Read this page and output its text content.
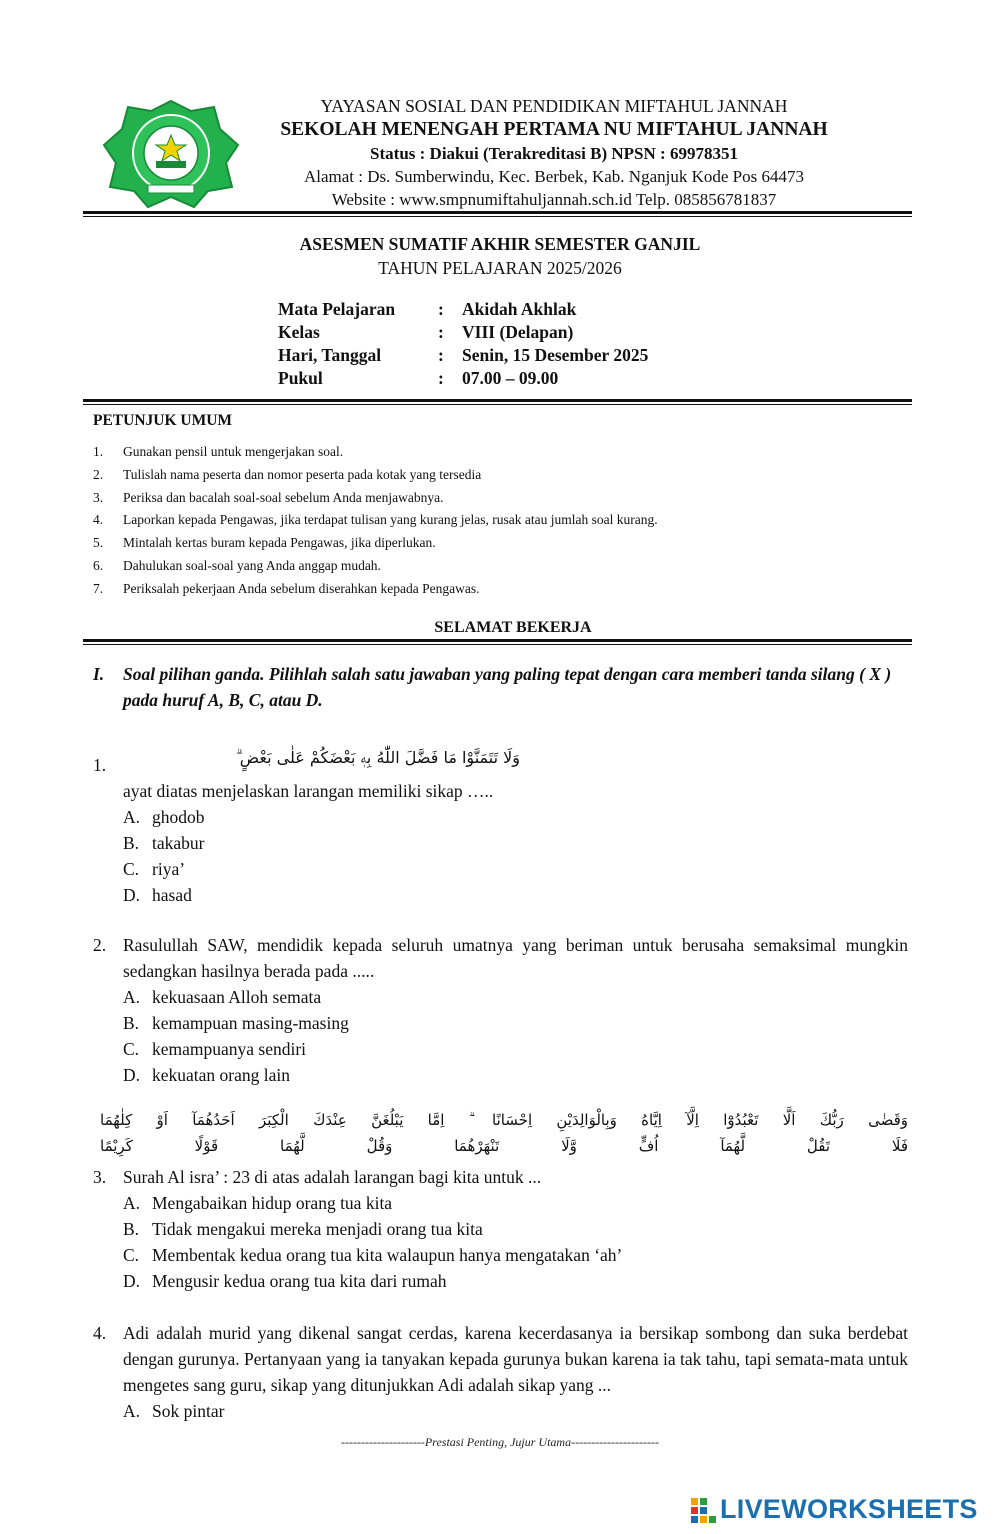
YAYASAN SOSIAL DAN PENDIDIKAN MIFTAHUL JANNAH
SEKOLAH MENENGAH PERTAMA NU MIFTAHUL JANNAH
Status : Diakui (Terakreditasi B) NPSN : 69978351
Alamat : Ds. Sumberwindu, Kec. Berbek, Kab. Nganjuk Kode Pos 64473
Website : www.smpnumiftahuljannah.sch.id Telp. 085856781837
ASESMEN SUMATIF AKHIR SEMESTER GANJIL
TAHUN PELAJARAN 2025/2026
Mata Pelajaran	:	Akidah Akhlak
Kelas	:	VIII (Delapan)
Hari, Tanggal	:	Senin, 15 Desember 2025
Pukul	:	07.00 – 09.00
PETUNJUK UMUM
1.	Gunakan pensil untuk mengerjakan soal.
2.	Tulislah nama peserta dan nomor peserta pada kotak yang tersedia
3.	Periksa dan bacalah soal-soal sebelum Anda menjawabnya.
4.	Laporkan kepada Pengawas, jika terdapat tulisan yang kurang jelas, rusak atau jumlah soal kurang.
5.	Mintalah kertas buram kepada Pengawas, jika diperlukan.
6.	Dahulukan soal-soal yang Anda anggap mudah.
7.	Periksalah pekerjaan Anda sebelum diserahkan kepada Pengawas.
SELAMAT BEKERJA
I. Soal pilihan ganda. Pilihlah salah satu jawaban yang paling tepat dengan cara memberi tanda silang ( X ) pada huruf A, B, C, atau D.
1.	وَلَا تَتَمَنَّوْا مَا فَضَّلَ اللّٰهُ بِهٖ بَعْضَكُمْ عَلٰى بَعْضٍ ۗ
ayat diatas menjelaskan larangan memiliki sikap …..
A. ghodob
B. takabur
C. riya’
D. hasad
2. Rasulullah SAW, mendidik kepada seluruh umatnya yang beriman untuk berusaha semaksimal mungkin sedangkan hasilnya berada pada .....
A. kekuasaan Alloh semata
B. kemampuan masing-masing
C. kemampuanya sendiri
D. kekuatan orang lain
وَقَضٰى رَبُّكَ اَلَّا تَعْبُدُوْٓا اِلَّآ اِيَّاهُ وَبِالْوَالِدَيْنِ اِحْسَانًا ۗ اِمَّا يَبْلُغَنَّ عِنْدَكَ الْكِبَرَ اَحَدُهُمَآ اَوْ كِلٰهُمَا
فَلَا تَقُلْ لَّهُمَآ اُفٍّ وَّلَا تَنْهَرْهُمَا وَقُلْ لَّهُمَا قَوْلًا كَرِيْمًا
3. Surah Al isra’ : 23 di atas adalah larangan bagi kita untuk ...
A. Mengabaikan hidup orang tua kita
B. Tidak mengakui mereka menjadi orang tua kita
C. Membentak kedua orang tua kita walaupun hanya mengatakan ‘ah’
D. Mengusir kedua orang tua kita dari rumah
4. Adi adalah murid yang dikenal sangat cerdas, karena kecerdasanya ia bersikap sombong dan suka berdebat dengan gurunya. Pertanyaan yang ia tanyakan kepada gurunya bukan karena ia tak tahu, tapi semata-mata untuk mengetes sang guru, sikap yang ditunjukkan Adi adalah sikap yang ...
A. Sok pintar
---------------------Prestasi Penting, Jujur Utama----------------------
LIVEWORKSHEETS
